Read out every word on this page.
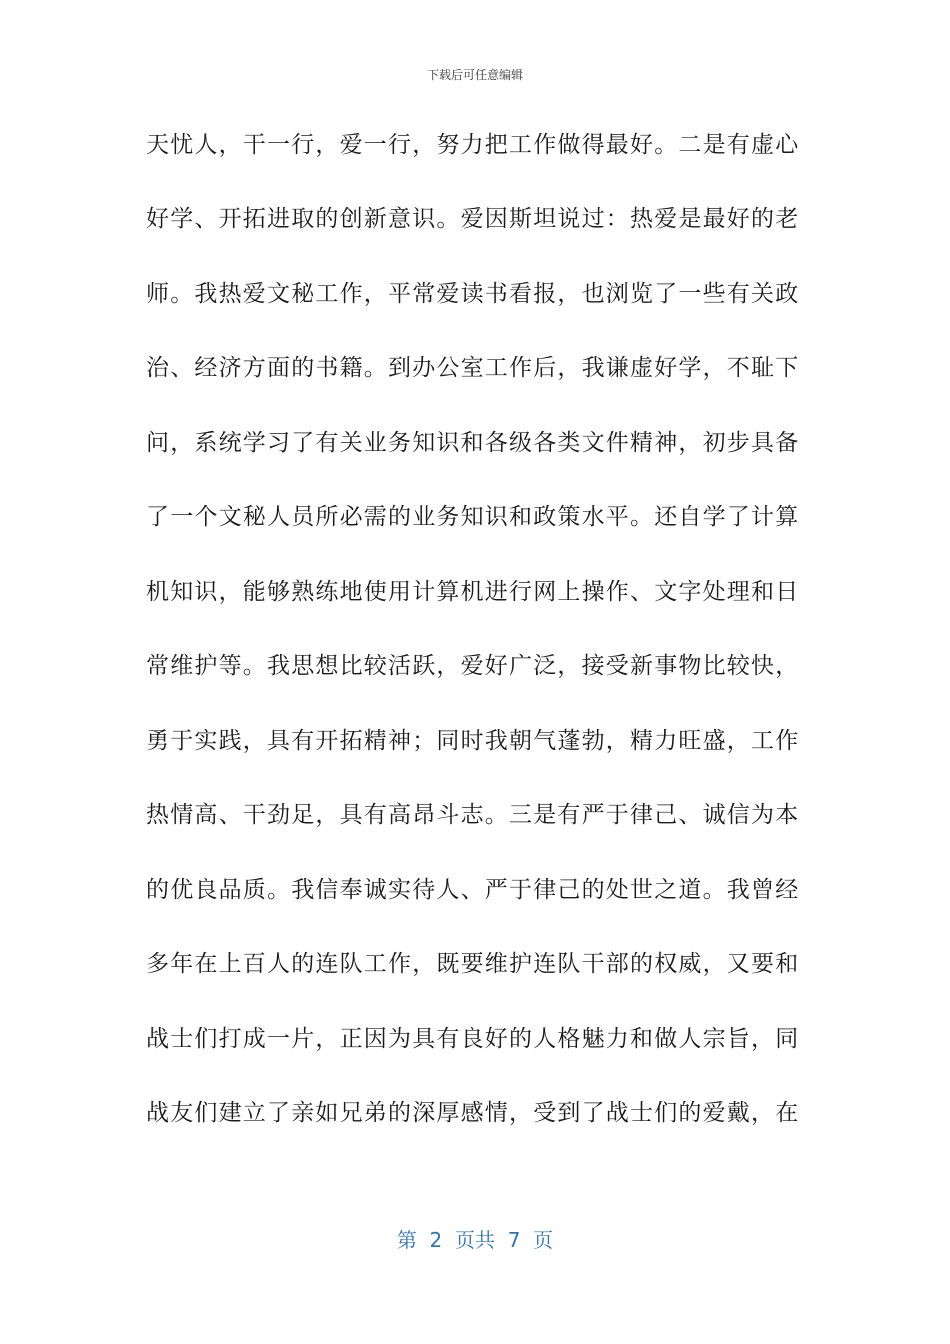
下载后可任意编辑
天忧人，干一行，爱一行，努力把工作做得最好。二是有虚心
好学、开拓进取的创新意识。爱因斯坦说过：热爱是最好的老
师。我热爱文秘工作，平常爱读书看报，也浏览了一些有关政
治、经济方面的书籍。到办公室工作后，我谦虚好学，不耻下
问，系统学习了有关业务知识和各级各类文件精神，初步具备
了一个文秘人员所必需的业务知识和政策水平。还自学了计算
机知识，能够熟练地使用计算机进行网上操作、文字处理和日
常维护等。我思想比较活跃，爱好广泛，接受新事物比较快，
勇于实践，具有开拓精神；同时我朝气蓬勃，精力旺盛，工作
热情高、干劲足，具有高昂斗志。三是有严于律己、诚信为本
的优良品质。我信奉诚实待人、严于律己的处世之道。我曾经
多年在上百人的连队工作，既要维护连队干部的权威，又要和
战士们打成一片，正因为具有良好的人格魅力和做人宗旨，同
战友们建立了亲如兄弟的深厚感情，受到了战士们的爱戴，在
第  2  页共  7  页
